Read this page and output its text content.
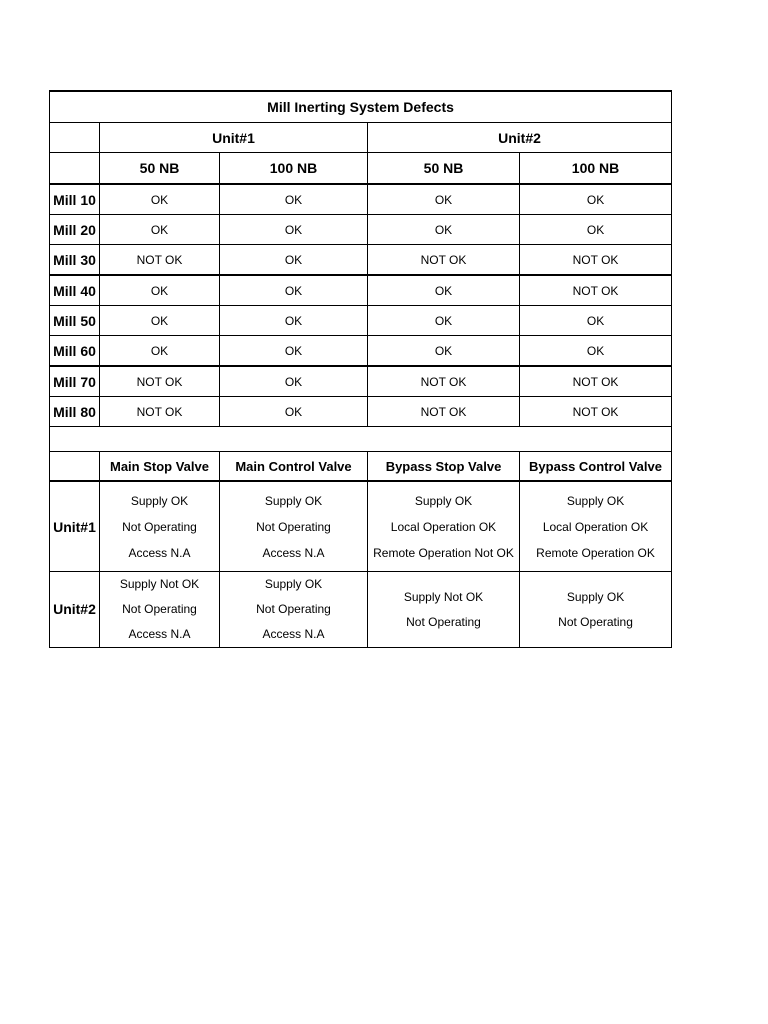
Mill Inerting System Defects				
	Unit#1		Unit#2	
	50 NB	100 NB	50 NB	100 NB
Mill 10	OK	OK	OK	OK
Mill 20	OK	OK	OK	OK
Mill 30	NOT OK	OK	NOT OK	NOT OK
Mill 40	OK	OK	OK	NOT OK
Mill 50	OK	OK	OK	OK
Mill 60	OK	OK	OK	OK
Mill 70	NOT OK	OK	NOT OK	NOT OK
Mill 80	NOT OK	OK	NOT OK	NOT OK

	Main Stop Valve	Main Control Valve	Bypass Stop Valve	Bypass Control Valve
Unit#1	Supply OK
Not Operating
Access N.A	Supply OK
Not Operating
Access N.A	Supply OK
Local Operation OK
Remote Operation Not OK	Supply OK
Local Operation OK
Remote Operation OK

Unit#2	Supply Not OK
Not Operating
Access N.A	Supply OK
Not Operating
Access N.A	Supply Not OK
Not Operating	Supply OK
Not Operating
